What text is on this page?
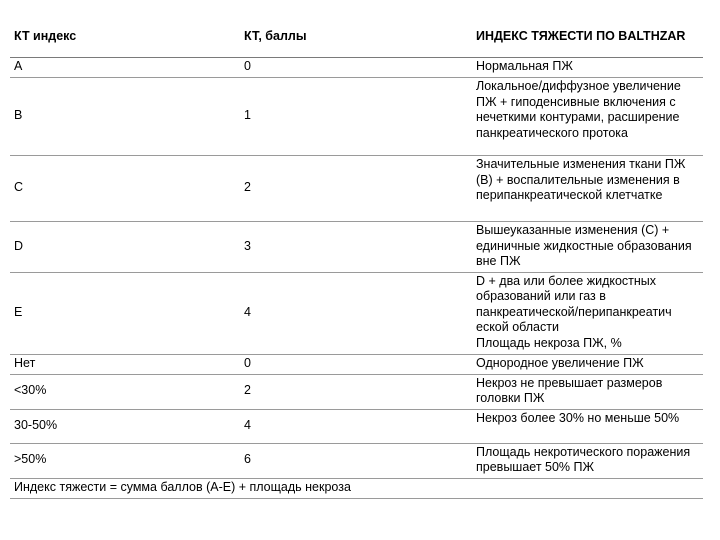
КТ индекс	КТ, баллы	ИНДЕКС ТЯЖЕСТИ ПО BALTHZAR
A	0	Нормальная ПЖ
B	1	Локальное/диффузное увеличение ПЖ + гиподенсивные включения с нечеткими контурами, расширение панкреатического протока
C	2	Значительные изменения ткани ПЖ (B) + воспалительные изменения в перипанкреатической клетчатке
D	3	Вышеуказанные изменения (С) + единичные жидкостные образования вне ПЖ
E	4	D + два или более жидкостных образований или газ в панкреатической/перипанкреатич еской области
Площадь некроза ПЖ, %
Нет	0	Однородное увеличение ПЖ
<30%	2	Некроз не превышает размеров головки ПЖ
30-50%	4	Некроз более 30% но меньше 50%
>50%	6	Площадь некротического поражения превышает 50% ПЖ
Индекс тяжести = сумма баллов (A-E) + площадь некроза		
